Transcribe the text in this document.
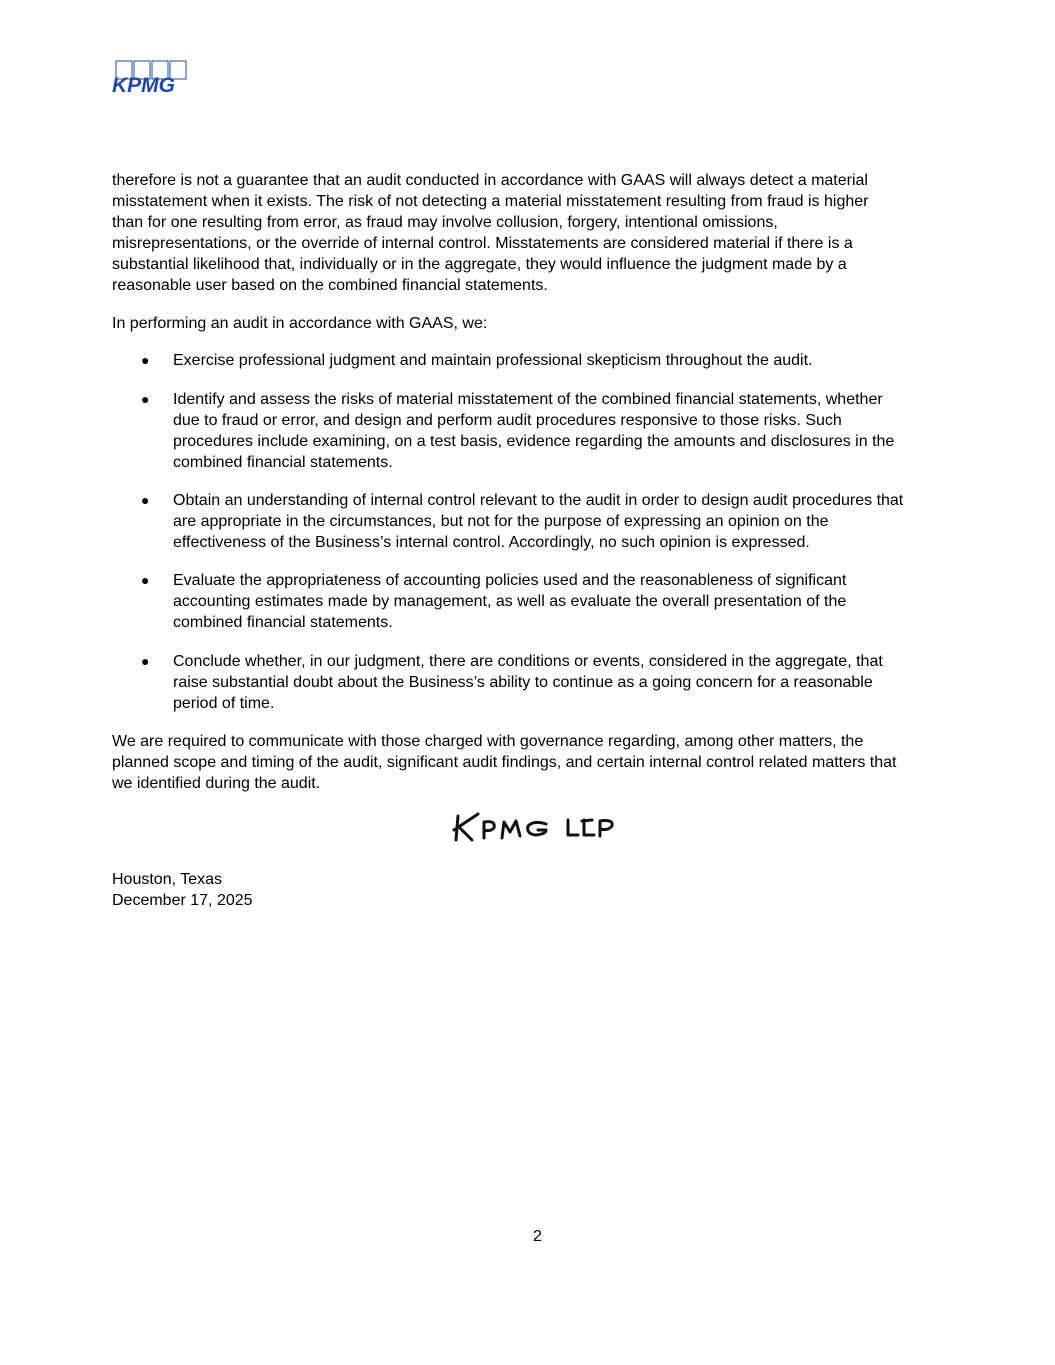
KPMG
therefore is not a guarantee that an audit conducted in accordance with GAAS will always detect a material
misstatement when it exists. The risk of not detecting a material misstatement resulting from fraud is higher
than for one resulting from error, as fraud may involve collusion, forgery, intentional omissions,
misrepresentations, or the override of internal control. Misstatements are considered material if there is a
substantial likelihood that, individually or in the aggregate, they would influence the judgment made by a
reasonable user based on the combined financial statements.
In performing an audit in accordance with GAAS, we:
● Exercise professional judgment and maintain professional skepticism throughout the audit.
● Identify and assess the risks of material misstatement of the combined financial statements, whether
due to fraud or error, and design and perform audit procedures responsive to those risks. Such
procedures include examining, on a test basis, evidence regarding the amounts and disclosures in the
combined financial statements.
● Obtain an understanding of internal control relevant to the audit in order to design audit procedures that
are appropriate in the circumstances, but not for the purpose of expressing an opinion on the
effectiveness of the Business’s internal control. Accordingly, no such opinion is expressed.
● Evaluate the appropriateness of accounting policies used and the reasonableness of significant
accounting estimates made by management, as well as evaluate the overall presentation of the
combined financial statements.
● Conclude whether, in our judgment, there are conditions or events, considered in the aggregate, that
raise substantial doubt about the Business’s ability to continue as a going concern for a reasonable
period of time.
We are required to communicate with those charged with governance regarding, among other matters, the
planned scope and timing of the audit, significant audit findings, and certain internal control related matters that
we identified during the audit.
Houston, Texas
December 17, 2025
2
